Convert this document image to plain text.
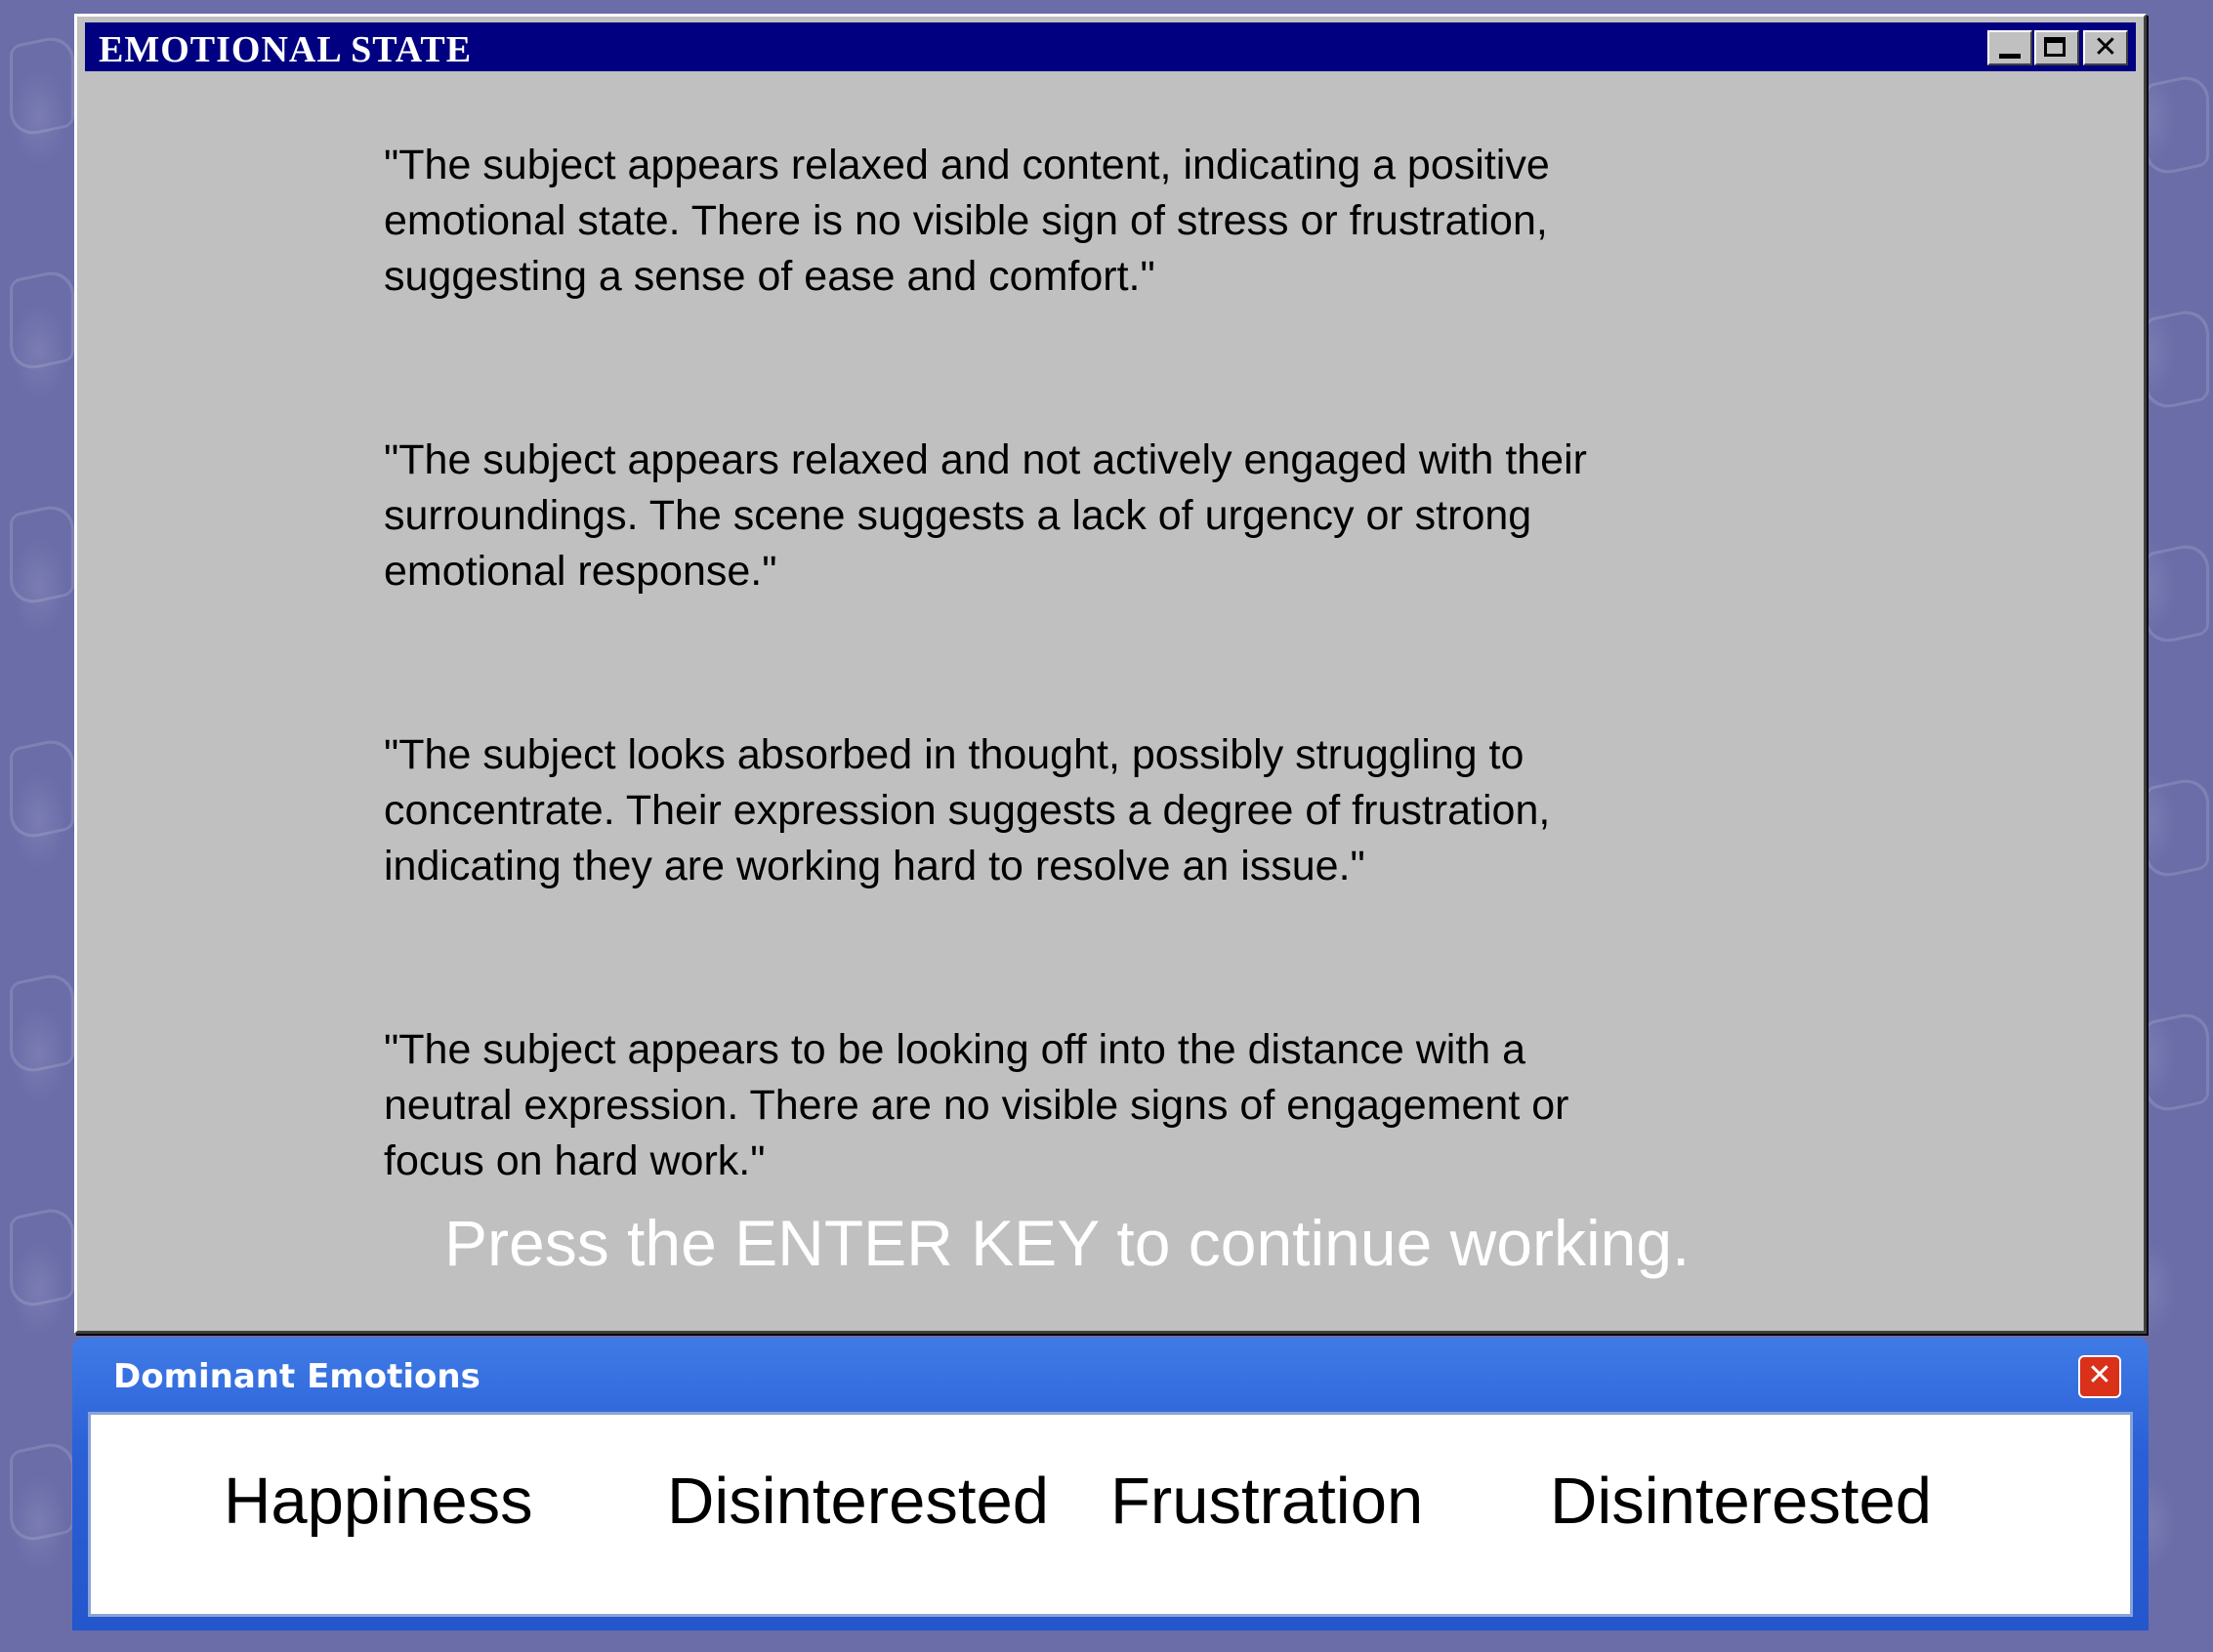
EMOTIONAL STATE	✕
"The subject appears relaxed and content, indicating a positive emotional state. There is no visible sign of stress or frustration, suggesting a sense of ease and comfort."
"The subject appears relaxed and not actively engaged with their surroundings. The scene suggests a lack of urgency or strong emotional response."
"The subject looks absorbed in thought, possibly struggling to concentrate. Their expression suggests a degree of frustration, indicating they are working hard to resolve an issue."
"The subject appears to be looking off into the distance with a neutral expression. There are no visible signs of engagement or focus on hard work."
Press the ENTER KEY to continue working.
Dominant Emotions	✕
Happiness Disinterested Frustration Disinterested
